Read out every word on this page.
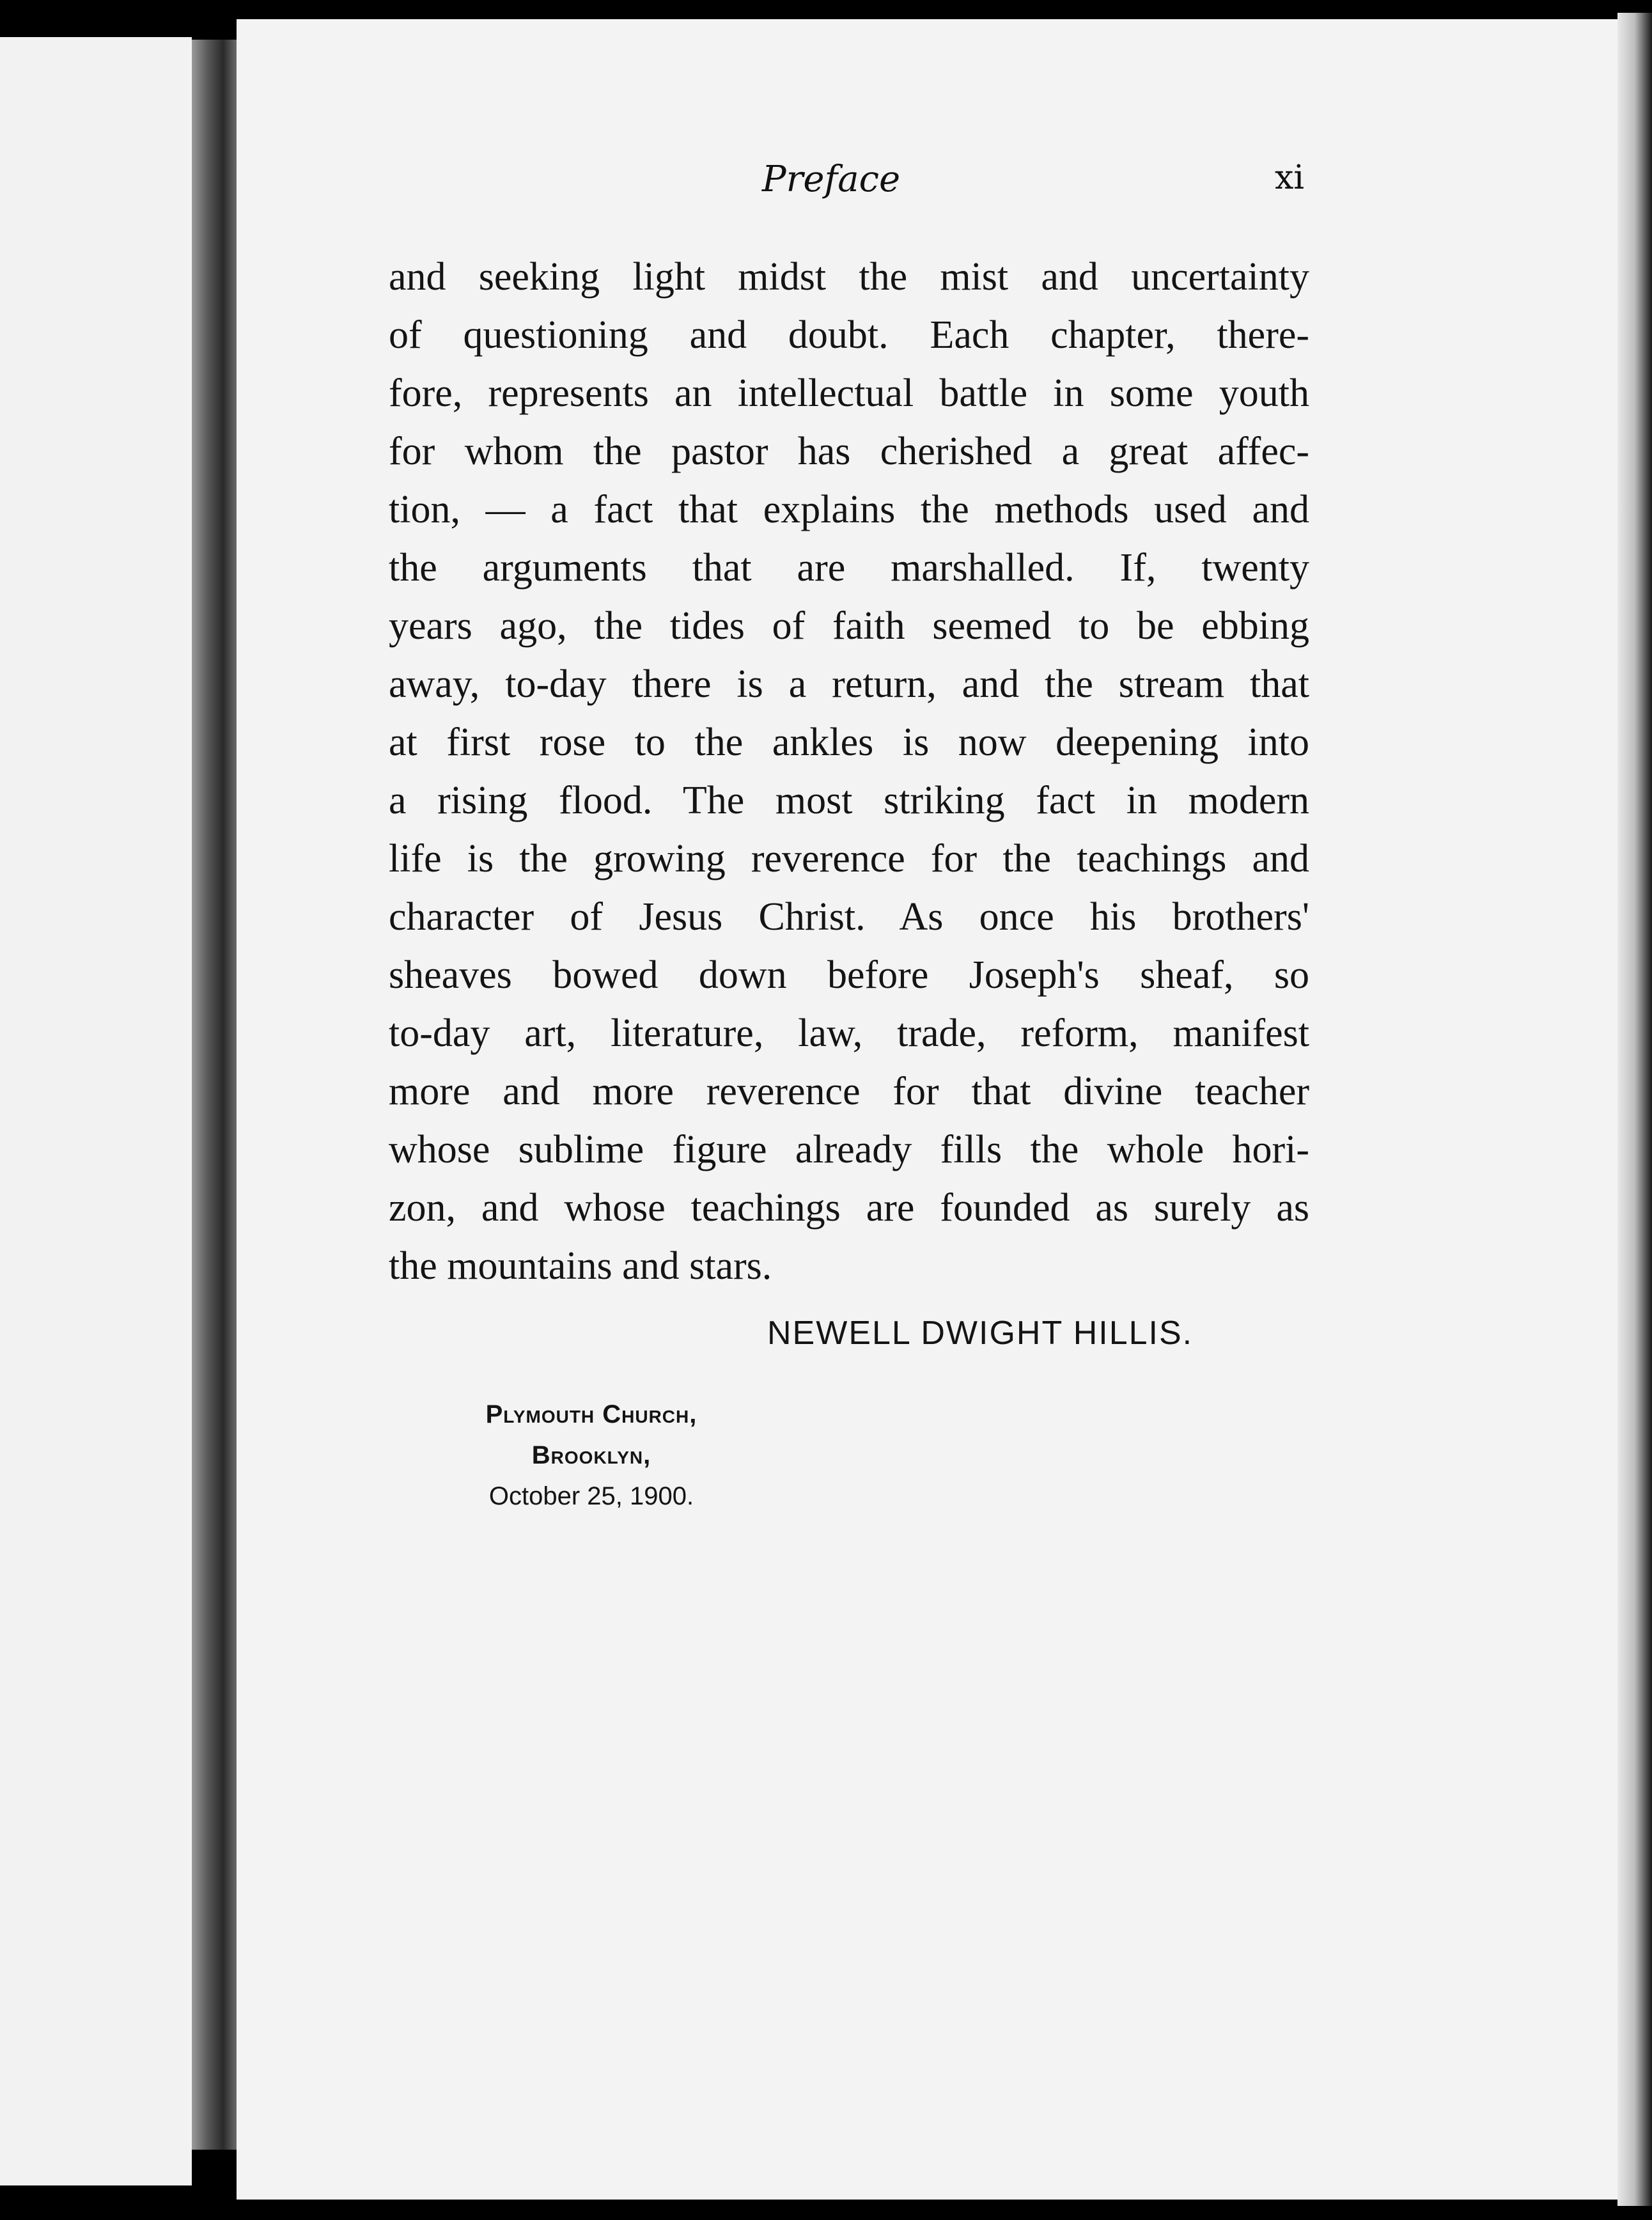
Preface	xi
and seeking light midst the mist and uncertainty
of questioning and doubt. Each chapter, there-
fore, represents an intellectual battle in some youth
for whom the pastor has cherished a great affec-
tion, — a fact that explains the methods used and
the arguments that are marshalled. If, twenty
years ago, the tides of faith seemed to be ebbing
away, to-day there is a return, and the stream that
at first rose to the ankles is now deepening into
a rising flood. The most striking fact in modern
life is the growing reverence for the teachings and
character of Jesus Christ. As once his brothers'
sheaves bowed down before Joseph's sheaf, so
to-day art, literature, law, trade, reform, manifest
more and more reverence for that divine teacher
whose sublime figure already fills the whole hori-
zon, and whose teachings are founded as surely as
the mountains and stars.
NEWELL DWIGHT HILLIS.
Plymouth Church,
Brooklyn,
October 25, 1900.
